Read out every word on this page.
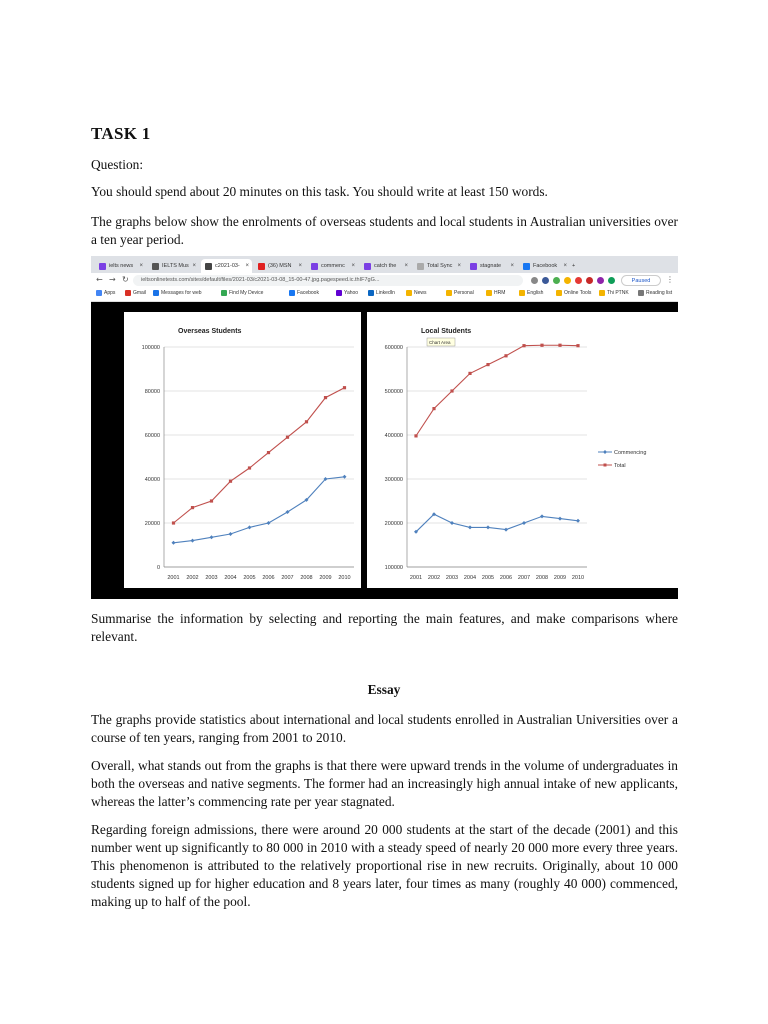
TASK 1

Question:

You should spend about 20 minutes on this task. You should write at least 150 words.

The graphs below show the enrolments of overseas students and local students in Australian universities over a ten year period.

ielts news ×	IELTS Mus ×	c2021-03- ×	(36) MSN ×	commenc ×	catch the ×	Total Sync ×	stagnate ×	Facebook × +
← → ↻	ieltsonlinetests.com/sites/default/files/2021-03/c2021-03-08_15-00-47.jpg.pagespeed.ic.thIF7gG...	Paused	⋮
Apps	Gmail	Messages for web	Find My Device	Facebook	Yahoo	LinkedIn	News	Personal	HRM	English	Online Tools	Thi PTNK	Reading list
Overseas Students
0
20000
40000
60000
80000
100000
2001 2002 2003 2004 2005 2006 2007 2008 2009 2010
Local Students
100000
200000
300000
400000
500000
600000
2001 2002 2003 2004 2005 2006 2007 2008 2009 2010
Chart Area
Commencing
Total

Summarise the information by selecting and reporting the main features, and make comparisons where relevant.

Essay

The graphs provide statistics about international and local students enrolled in Australian Universities over a course of ten years, ranging from 2001 to 2010.

Overall, what stands out from the graphs is that there were upward trends in the volume of undergraduates in both the overseas and native segments. The former had an increasingly high annual intake of new applicants, whereas the latter’s commencing rate per year stagnated.

Regarding foreign admissions, there were around 20 000 students at the start of the decade (2001) and this number went up significantly to 80 000 in 2010 with a steady speed of nearly 20 000 more every three years. This phenomenon is attributed to the relatively proportional rise in new recruits. Originally, about 10 000 students signed up for higher education and 8 years later, four times as many (roughly 40 000) commenced, making up to half of the pool.
